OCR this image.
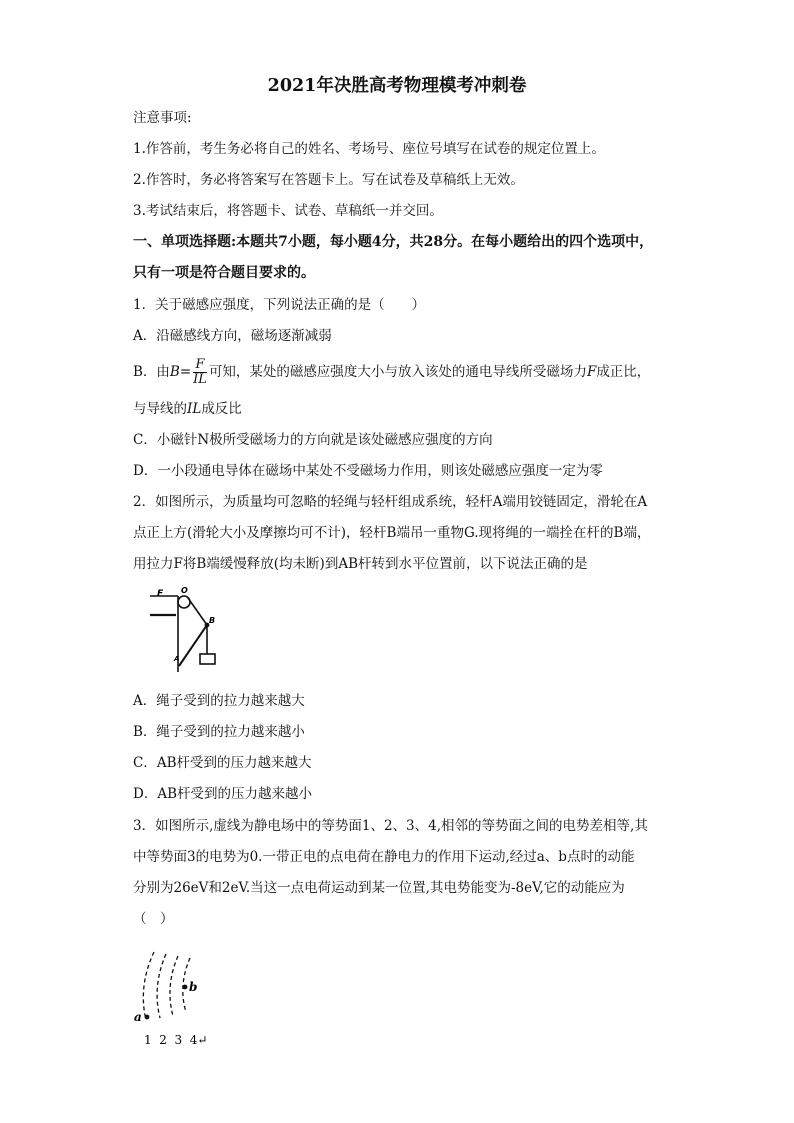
2021年决胜高考物理模考冲刺卷
注意事项:
1.作答前，考生务必将自己的姓名、考场号、座位号填写在试卷的规定位置上。
2.作答时，务必将答案写在答题卡上。写在试卷及草稿纸上无效。
3.考试结束后，将答题卡、试卷、草稿纸一并交回。
一、单项选择题:本题共7小题，每小题4分，共28分。在每小题给出的四个选项中，
只有一项是符合题目要求的。
1．关于磁感应强度，下列说法正确的是（　　）
A．沿磁感线方向，磁场逐渐减弱
B．由$B= \frac{F}{IL}$ 可知，某处的磁感应强度大小与放入该处的通电导线所受磁场力F成正比，
与导线的IL成反比
C．小磁针N极所受磁场力的方向就是该处磁感应强度的方向
D．一小段通电导体在磁场中某处不受磁场力作用，则该处磁感应强度一定为零
2．如图所示，为质量均可忽略的轻绳与轻杆组成系统，轻杆A端用铰链固定，滑轮在A
点正上方(滑轮大小及摩擦均可不计)，轻杆B端吊一重物G.现将绳的一端拴在杆的B端，
用拉力F将B端缓慢释放(均未断)到AB杆转到水平位置前，以下说法正确的是
F O
B
A
A．绳子受到的拉力越来越大
B．绳子受到的拉力越来越小
C．AB杆受到的压力越来越大
D．AB杆受到的压力越来越小
3．如图所示,虚线为静电场中的等势面1、2、3、4,相邻的等势面之间的电势差相等,其
中等势面3的电势为0.一带正电的点电荷在静电力的作用下运动,经过a、b点时的动能
分别为26eV和2eV.当这一点电荷运动到某一位置,其电势能变为-8eV,它的动能应为
（　）
a
b
1  2  3  4↵
